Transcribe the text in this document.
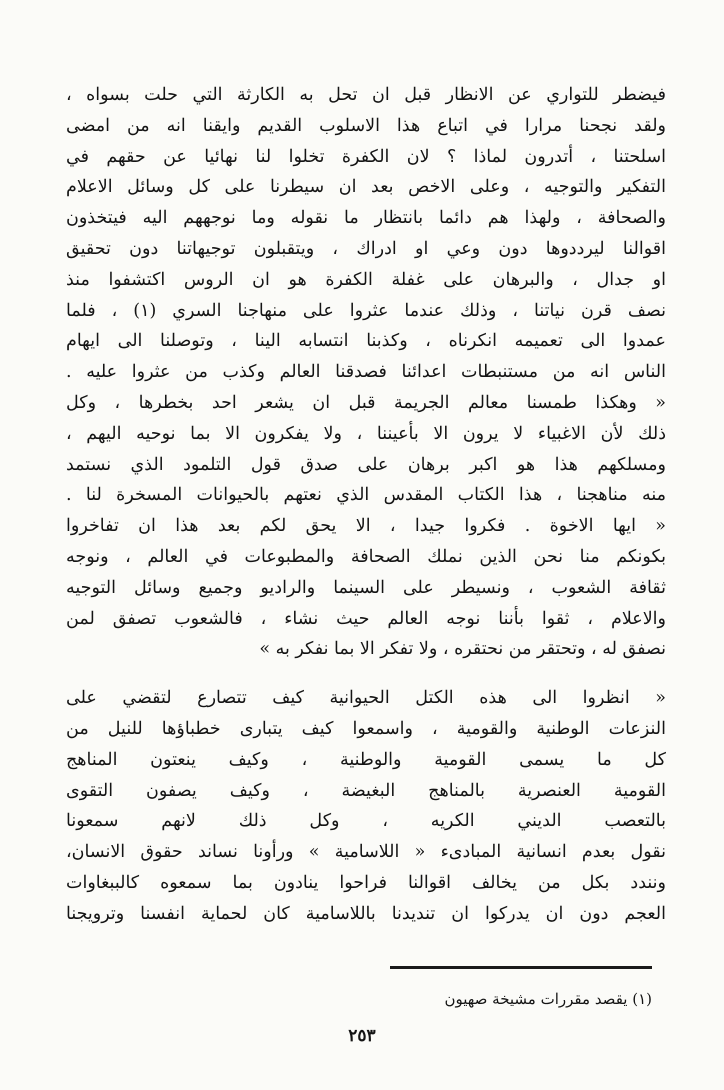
فيضطر للتواري عن الانظار قبل ان تحل به الكارثة التي حلت بسواه ،
ولقد نجحنا مرارا في اتباع هذا الاسلوب القديم وايقنا انه من امضى
اسلحتنا ، أتدرون لماذا ؟ لان الكفرة تخلوا لنا نهائيا عن حقهم في
التفكير والتوجيه ، وعلى الاخص بعد ان سيطرنا على كل وسائل الاعلام
والصحافة ، ولهذا هم دائما بانتظار ما نقوله وما نوجههم اليه فيتخذون
اقوالنا ليرددوها دون وعي او ادراك ، ويتقبلون توجيهاتنا دون تحقيق
او جدال ، والبرهان على غفلة الكفرة هو ان الروس اكتشفوا منذ
نصف قرن نياتنا ، وذلك عندما عثروا على منهاجنا السري (١) ، فلما
عمدوا الى تعميمه انكرناه ، وكذبنا انتسابه الينا ، وتوصلنا الى ايهام
الناس انه من مستنبطات اعدائنا فصدقنا العالم وكذب من عثروا عليه .
« وهكذا طمسنا معالم الجريمة قبل ان يشعر احد بخطرها ، وكل
ذلك لأن الاغبياء لا يرون الا بأعيننا ، ولا يفكرون الا بما نوحيه اليهم ،
ومسلكهم هذا هو اكبر برهان على صدق قول التلمود الذي نستمد
منه مناهجنا ، هذا الكتاب المقدس الذي نعتهم بالحيوانات المسخرة لنا .
« ايها الاخوة . فكروا جيدا ، الا يحق لكم بعد هذا ان تفاخروا
بكونكم منا نحن الذين نملك الصحافة والمطبوعات في العالم ، ونوجه
ثقافة الشعوب ، ونسيطر على السينما والراديو وجميع وسائل التوجيه
والاعلام ، ثقوا بأننا نوجه العالم حيث نشاء ، فالشعوب تصفق لمن
نصفق له ، وتحتقر من نحتقره ، ولا تفكر الا بما نفكر به »
« انظروا الى هذه الكتل الحيوانية كيف تتصارع لتقضي على
النزعات الوطنية والقومية ، واسمعوا كيف يتبارى خطباؤها للنيل من
كل ما يسمى القومية والوطنية ، وكيف ينعتون المناهج
القومية العنصرية بالمناهج البغيضة ، وكيف يصفون التقوى
بالتعصب الديني الكريه ، وكل ذلك لانهم سمعونا
نقول بعدم انسانية المبادىء « اللاسامية » ورأونا نساند حقوق الانسان،
ونندد بكل من يخالف اقوالنا فراحوا ينادون بما سمعوه كالببغاوات
العجم دون ان يدركوا ان تنديدنا باللاسامية كان لحماية انفسنا وترويجنا
(١) يقصد مقررات مشيخة صهيون
٢٥٣
